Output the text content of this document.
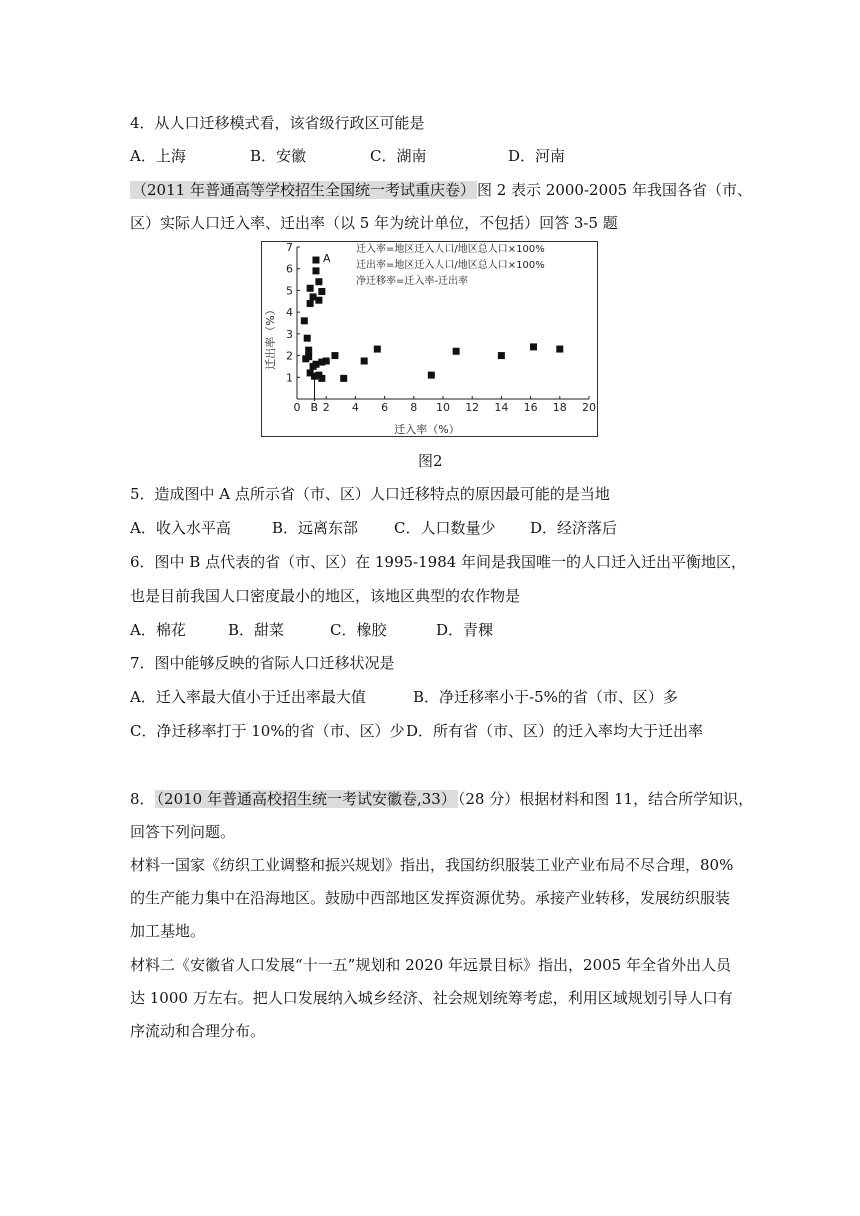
4．从人口迁移模式看，该省级行政区可能是
A．上海	B．安徽	C．湖南	D．河南
（2011 年普通高等学校招生全国统一考试重庆卷） 图 2 表示 2000-2005 年我国各省（市、
区）实际人口迁入率、迁出率（以 5 年为统计单位，不包括）回答 3-5 题
0 2 4 6 8 10 12 14 16 18 20
1
2
3
4
5
6
7
A
B
迁入率=地区迁入人口/地区总人口×100%
迁出率=地区迁入人口/地区总人口×100%
净迁移率=迁入率-迁出率
迁入率（%）
迁出率（%）
图2
5．造成图中 A 点所示省（市、区）人口迁移特点的原因最可能的是当地
A．收入水平高	B．远离东部 C．人口数量少 D．经济落后
6．图中 B 点代表的省（市、区）在 1995-1984 年间是我国唯一的人口迁入迁出平衡地区，
也是目前我国人口密度最小的地区，该地区典型的农作物是
A．棉花	B．甜菜	C．橡胶	D．青稞
7．图中能够反映的省际人口迁移状况是
A．迁入率最大值小于迁出率最大值	B．净迁移率小于-5%的省（市、区）多
C．净迁移率打于 10%的省（市、区）少 D．所有省（市、区）的迁入率均大于迁出率
8． （2010 年普通高校招生统一考试安徽卷,33） （28 分）根据材料和图 11，结合所学知识，
回答下列问题。
材料一国家《纺织工业调整和振兴规划》指出，我国纺织服装工业产业布局不尽合理，80%
的生产能力集中在沿海地区。鼓励中西部地区发挥资源优势。承接产业转移，发展纺织服装
加工基地。
材料二《安徽省人口发展“十一五”规划和 2020 年远景目标》指出，2005 年全省外出人员
达 1000 万左右。把人口发展纳入城乡经济、社会规划统筹考虑，利用区域规划引导人口有
序流动和合理分布。
